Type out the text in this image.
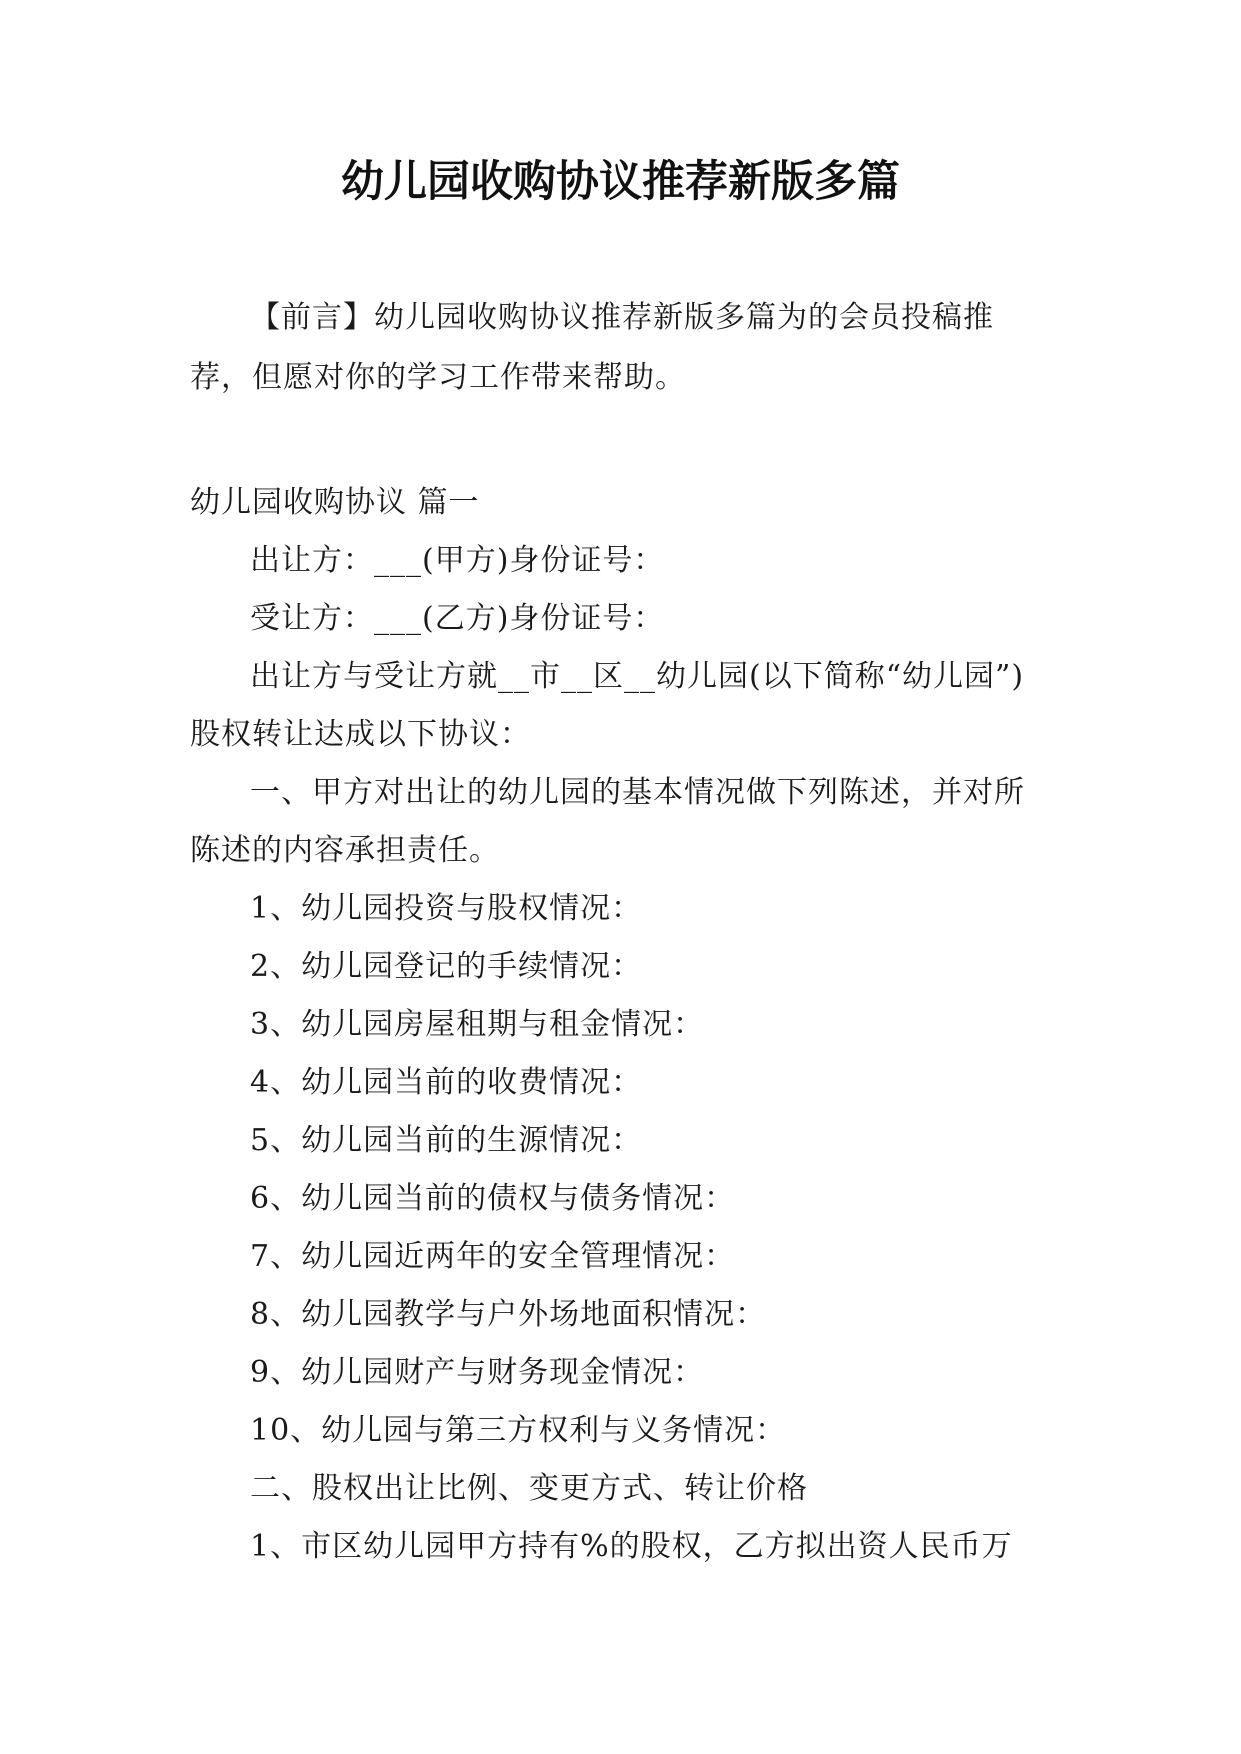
幼儿园收购协议推荐新版多篇

【前言】幼儿园收购协议推荐新版多篇为的会员投稿推荐，但愿对你的学习工作带来帮助。

幼儿园收购协议 篇一

出让方：___(甲方)身份证号：

受让方：___(乙方)身份证号：

出让方与受让方就__市__区__幼儿园(以下简称“幼儿园”)股权转让达成以下协议：

一、甲方对出让的幼儿园的基本情况做下列陈述，并对所陈述的内容承担责任。

1、幼儿园投资与股权情况：

2、幼儿园登记的手续情况：

3、幼儿园房屋租期与租金情况：

4、幼儿园当前的收费情况：

5、幼儿园当前的生源情况：

6、幼儿园当前的债权与债务情况：

7、幼儿园近两年的安全管理情况：

8、幼儿园教学与户外场地面积情况：

9、幼儿园财产与财务现金情况：

10、幼儿园与第三方权利与义务情况：

二、股权出让比例、变更方式、转让价格

1、市区幼儿园甲方持有%的股权，乙方拟出资人民币万
